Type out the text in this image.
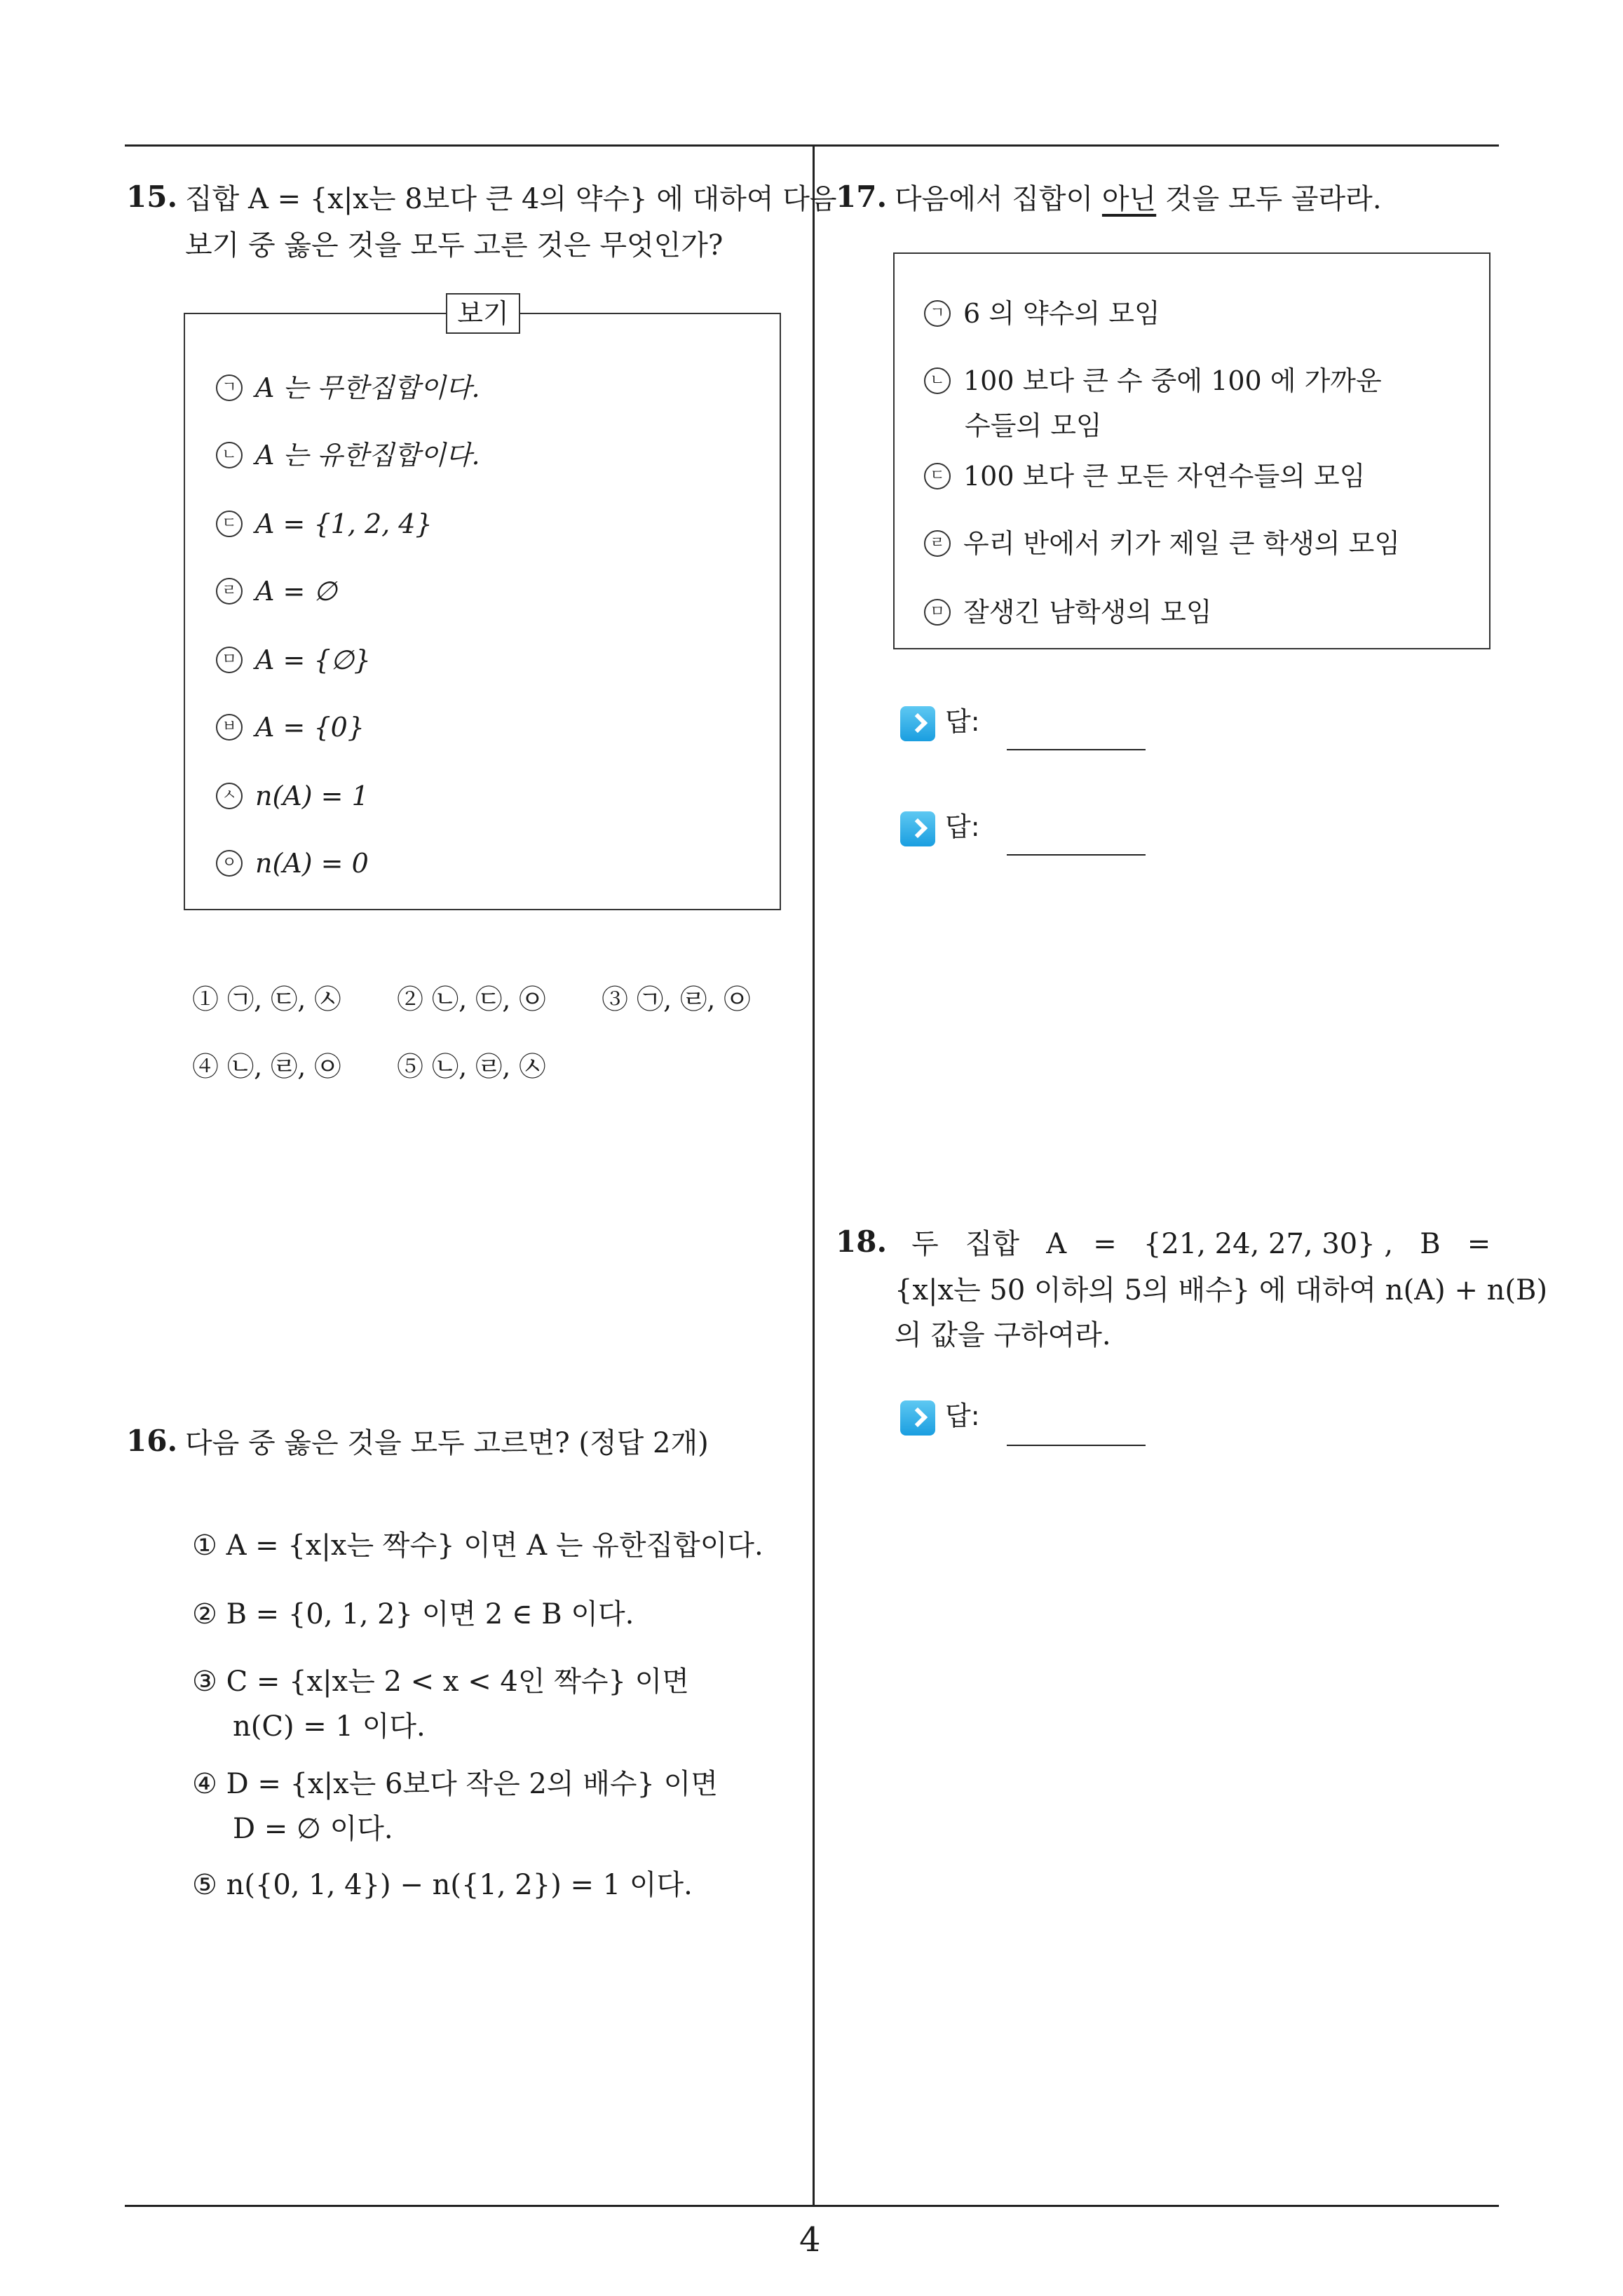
15. 집합 A = {x|x는 8보다 큰 4의 약수} 에 대하여 다음
보기 중 옳은 것을 모두 고른 것은 무엇인가?
보기
ㄱ A 는 무한집합이다.
ㄴ A 는 유한집합이다.
ㄷ A = {1, 2, 4}
ㄹ A = ∅
ㅁ A = {∅}
ㅂ A = {0}
ㅅ n(A) = 1
ㅇ n(A) = 0
① ㉠, ㉢, ㉦ ② ㉡, ㉢, ㉧ ③ ㉠, ㉣, ㉧
④ ㉡, ㉣, ㉧ ⑤ ㉡, ㉣, ㉦
16. 다음 중 옳은 것을 모두 고르면? (정답 2개)
① A = {x|x는 짝수} 이면 A 는 유한집합이다.
② B = {0, 1, 2} 이면 2 ∈ B 이다.
③ C = {x|x는 2 < x < 4인 짝수} 이면
n(C) = 1 이다.
④ D = {x|x는 6보다 작은 2의 배수} 이면
D = ∅ 이다.
⑤ n({0, 1, 4}) − n({1, 2}) = 1 이다.
17. 다음에서 집합이 아닌 것을 모두 골라라.
ㄱ 6 의 약수의 모임
ㄴ 100 보다 큰 수 중에 100 에 가까운
수들의 모임
ㄷ 100 보다 큰 모든 자연수들의 모임
ㄹ 우리 반에서 키가 제일 큰 학생의 모임
ㅁ 잘생긴 남학생의 모임
답:
답:
18. 두   집합   A   =   {21, 24, 27, 30} ,   B   =
{x|x는 50 이하의 5의 배수} 에 대하여 n(A) + n(B)
의 값을 구하여라.
답:
4
